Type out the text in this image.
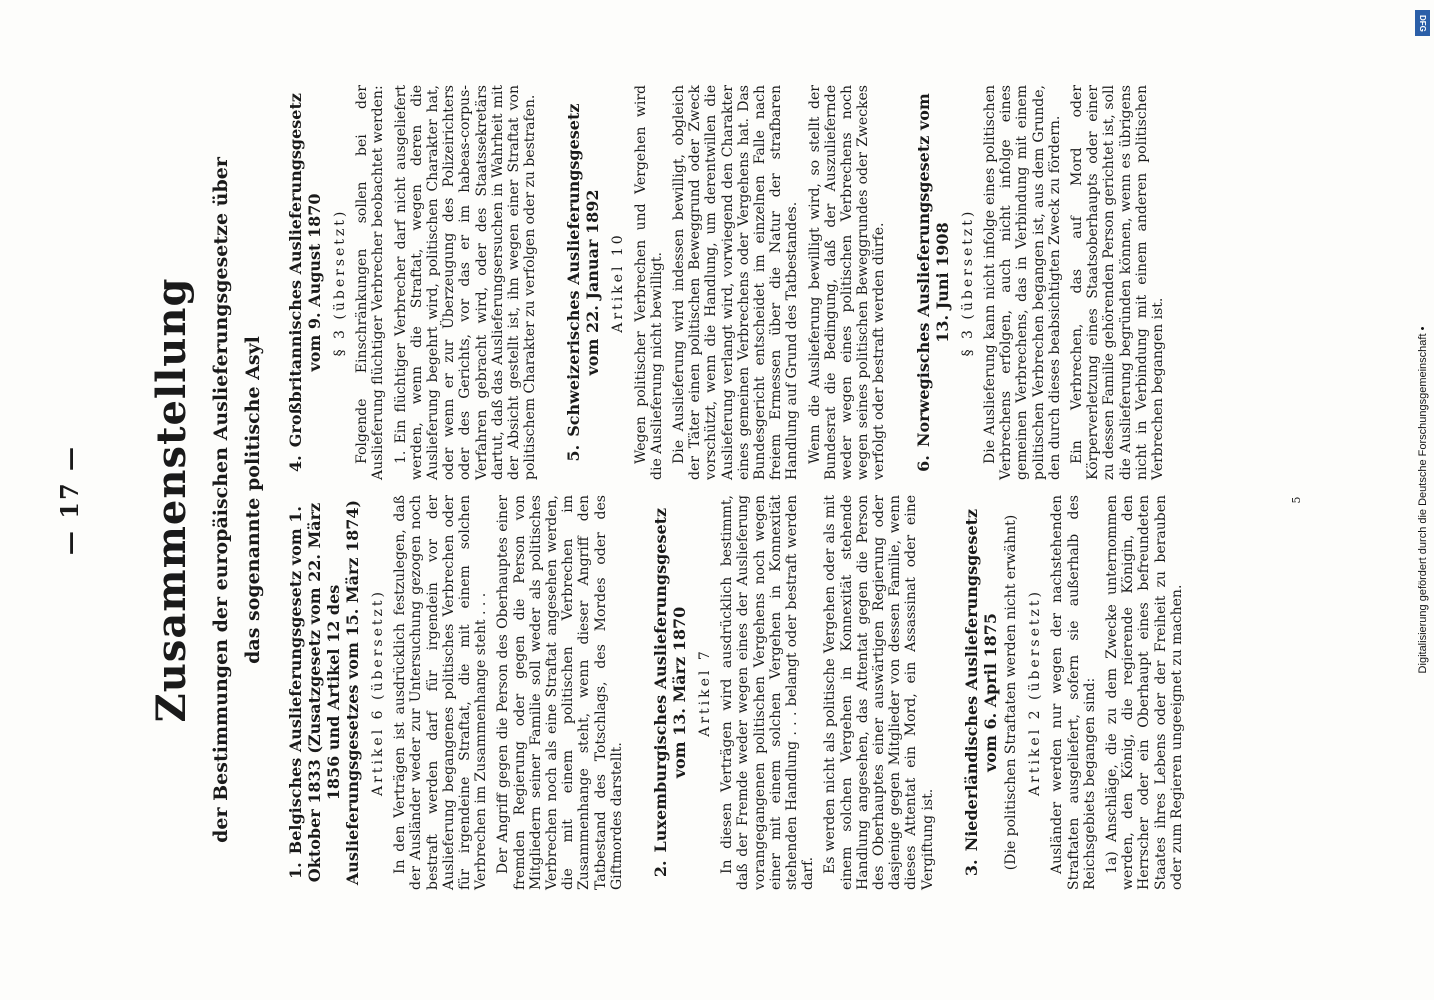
— 17 — Zusammenstellung der Bestimmungen der europäischen Auslieferungsgesetze über das sogenannte politische Asyl
1.Belgisches Auslieferungsgesetz vom 1. Oktober 1833 (Zusatzgesetz vom 22. März 1856 und Artikel 12 des Auslieferungsgesetzes vom 15. März 1874) Artikel 6 (übersetzt) In den Verträgen ist ausdrücklich festzulegen, daß der Ausländer weder zur Untersuchung gezogen noch bestraft werden darf für irgendein vor der Auslieferung begangenes politisches Verbrechen oder für irgendeine Straftat, die mit einem solchen Verbrechen im Zusammenhange steht . . . Der Angriff gegen die Person des Oberhauptes einer fremden Regierung oder gegen die Person von Mitgliedern seiner Familie soll weder als politisches Verbrechen noch als eine Straftat angesehen werden, die mit einem politischen Verbrechen im Zusammenhange steht, wenn dieser Angriff den Tatbestand des Totschlags, des Mordes oder des Giftmordes darstellt. 2.Luxemburgisches Auslieferungsgesetz vom 13. März 1870 Artikel 7 In diesen Verträgen wird ausdrücklich bestimmt, daß der Fremde weder wegen eines der Auslieferung vorangegangenen politischen Vergehens noch wegen einer mit einem solchen Vergehen in Konnexität stehenden Handlung . . . belangt oder bestraft werden darf. Es werden nicht als politische Vergehen oder als mit einem solchen Vergehen in Konnexität stehende Handlung angesehen, das Attentat gegen die Person des Oberhauptes einer auswärtigen Regierung oder dasjenige gegen Mitglieder von dessen Familie, wenn dieses Attentat ein Mord, ein Assassinat oder eine Vergiftung ist. 3.Niederländisches Auslieferungsgesetz vom 6. April 1875 (Die politischen Straftaten werden nicht erwähnt) Artikel 2 (übersetzt) Ausländer werden nur wegen der nachstehenden Straftaten ausgeliefert, sofern sie außerhalb des Reichsgebiets begangen sind: 1a) Anschläge, die zu dem Zwecke unternommen werden, den König, die regierende Königin, den Herrscher oder ein Oberhaupt eines befreundeten Staates ihres Lebens oder der Freiheit zu berauben oder zum Regieren ungeeignet zu machen.

4.Großbritannisches Auslieferungsgesetz vom 9. August 1870 § 3 (übersetzt) Folgende Einschränkungen sollen bei der Auslieferung flüchtiger Verbrecher beobachtet werden: 1. Ein flüchtiger Verbrecher darf nicht ausgeliefert werden, wenn die Straftat, wegen deren die Auslieferung begehrt wird, politischen Charakter hat, oder wenn er zur Überzeugung des Polizeirichters oder des Gerichts, vor das er im habeas-corpus-Verfahren gebracht wird, oder des Staatssekretärs dartut, daß das Auslieferungsersuchen in Wahrheit mit der Absicht gestellt ist, ihn wegen einer Straftat von politischem Charakter zu verfolgen oder zu bestrafen. 5.Schweizerisches Auslieferungsgesetz vom 22. Januar 1892 Artikel 10 Wegen politischer Verbrechen und Vergehen wird die Auslieferung nicht bewilligt. Die Auslieferung wird indessen bewilligt, obgleich der Täter einen politischen Beweggrund oder Zweck vorschützt, wenn die Handlung, um derentwillen die Auslieferung verlangt wird, vorwiegend den Charakter eines gemeinen Verbrechens oder Vergehens hat. Das Bundesgericht entscheidet im einzelnen Falle nach freiem Ermessen über die Natur der strafbaren Handlung auf Grund des Tatbestandes. Wenn die Auslieferung bewilligt wird, so stellt der Bundesrat die Bedingung, daß der Auszuliefernde weder wegen eines politischen Verbrechens noch wegen seines politischen Beweggrundes oder Zweckes verfolgt oder bestraft werden dürfe. 6.Norwegisches Auslieferungsgesetz vom 13. Juni 1908 § 3 (übersetzt) Die Auslieferung kann nicht infolge eines politischen Verbrechens erfolgen, auch nicht infolge eines gemeinen Verbrechens, das in Verbindung mit einem politischen Verbrechen begangen ist, aus dem Grunde, den durch dieses beabsichtigten Zweck zu fördern. Ein Verbrechen, das auf Mord oder Körperverletzung eines Staatsoberhaupts oder einer zu dessen Familie gehörenden Person gerichtet ist, soll die Auslieferung begründen können, wenn es übrigens nicht in Verbindung mit einem anderen politischen Verbrechen begangen ist.

5
DFG
Digitalisierung gefördert durch die Deutsche Forschungsgemeinschaft •
